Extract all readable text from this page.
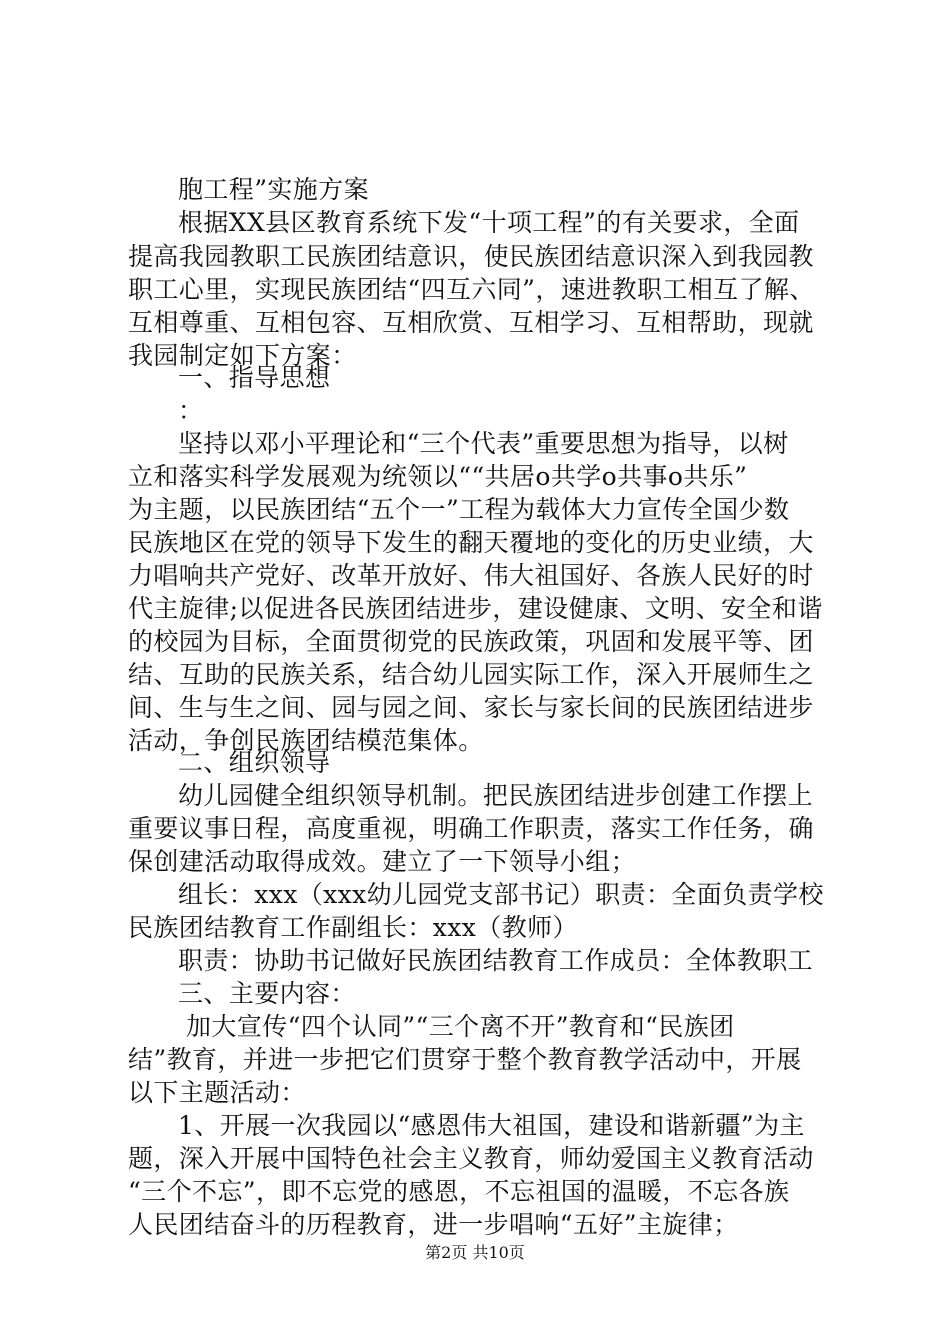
胞工程”实施方案
根据XX县区教育系统下发“十项工程”的有关要求，全面
提高我园教职工民族团结意识，使民族团结意识深入到我园教
职工心里，实现民族团结“四互六同”，速进教职工相互了解、
互相尊重、互相包容、互相欣赏、互相学习、互相帮助，现就
我园制定如下方案：
一、指导思想
：
坚持以邓小平理论和“三个代表”重要思想为指导，以树
立和落实科学发展观为统领以““共居o共学o共事o共乐”
为主题，以民族团结“五个一”工程为载体大力宣传全国少数
民族地区在党的领导下发生的翻天覆地的变化的历史业绩，大
力唱响共产党好、改革开放好、伟大祖国好、各族人民好的时
代主旋律;以促进各民族团结进步，建设健康、文明、安全和谐
的校园为目标，全面贯彻党的民族政策，巩固和发展平等、团
结、互助的民族关系，结合幼儿园实际工作，深入开展师生之
间、生与生之间、园与园之间、家长与家长间的民族团结进步
活动，争创民族团结模范集体。
二、组织领导
幼儿园健全组织领导机制。把民族团结进步创建工作摆上
重要议事日程，高度重视，明确工作职责，落实工作任务，确
保创建活动取得成效。建立了一下领导小组；
组长：xxx（xxx幼儿园党支部书记）职责：全面负责学校
民族团结教育工作副组长：xxx（教师）
职责：协助书记做好民族团结教育工作成员：全体教职工
三、主要内容：
加大宣传“四个认同”“三个离不开”教育和“民族团
结”教育，并进一步把它们贯穿于整个教育教学活动中，开展
以下主题活动：
1、开展一次我园以“感恩伟大祖国，建设和谐新疆”为主
题，深入开展中国特色社会主义教育，师幼爱国主义教育活动
“三个不忘”，即不忘党的感恩，不忘祖国的温暖，不忘各族
人民团结奋斗的历程教育，进一步唱响“五好”主旋律；
第2页 共10页
